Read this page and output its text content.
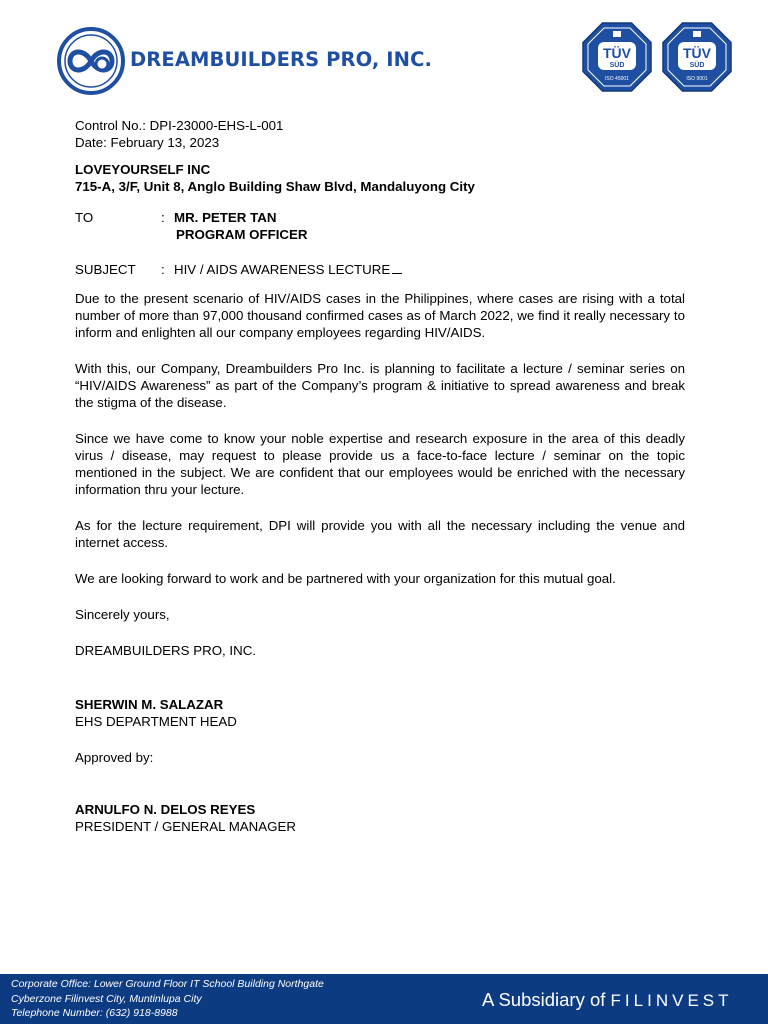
DREAMBUILDERS PRO, INC.	TÜV
SÜD
ISO 45001
TÜV
SÜD
ISO 9001
Control No.: DPI-23000-EHS-L-001
Date: February 13, 2023
LOVEYOURSELF INC
715-A, 3/F, Unit 8, Anglo Building Shaw Blvd, Mandaluyong City
TO	: MR. PETER TAN
PROGRAM OFFICER
SUBJECT : HIV / AIDS AWARENESS LECTURE

Due to the present scenario of HIV/AIDS cases in the Philippines, where cases are rising with a total number of more than 97,000 thousand confirmed cases as of March 2022, we find it really necessary to inform and enlighten all our company employees regarding HIV/AIDS.

With this, our Company, Dreambuilders Pro Inc. is planning to facilitate a lecture / seminar series on “HIV/AIDS Awareness” as part of the Company’s program & initiative to spread awareness and break the stigma of the disease.

Since we have come to know your noble expertise and research exposure in the area of this deadly virus / disease, may request to please provide us a face-to-face lecture / seminar on the topic mentioned in the subject. We are confident that our employees would be enriched with the necessary information thru your lecture.

As for the lecture requirement, DPI will provide you with all the necessary including the venue and internet access.

We are looking forward to work and be partnered with your organization for this mutual goal.

Sincerely yours,
DREAMBUILDERS PRO, INC.
SHERWIN M. SALAZAR
EHS DEPARTMENT HEAD
Approved by:
ARNULFO N. DELOS REYES
PRESIDENT / GENERAL MANAGER
Corporate Office: Lower Ground Floor IT School Building Northgate
Cyberzone Filinvest City, Muntinlupa City
Telephone Number: (632) 918-8988
A Subsidiary of FILINVEST
